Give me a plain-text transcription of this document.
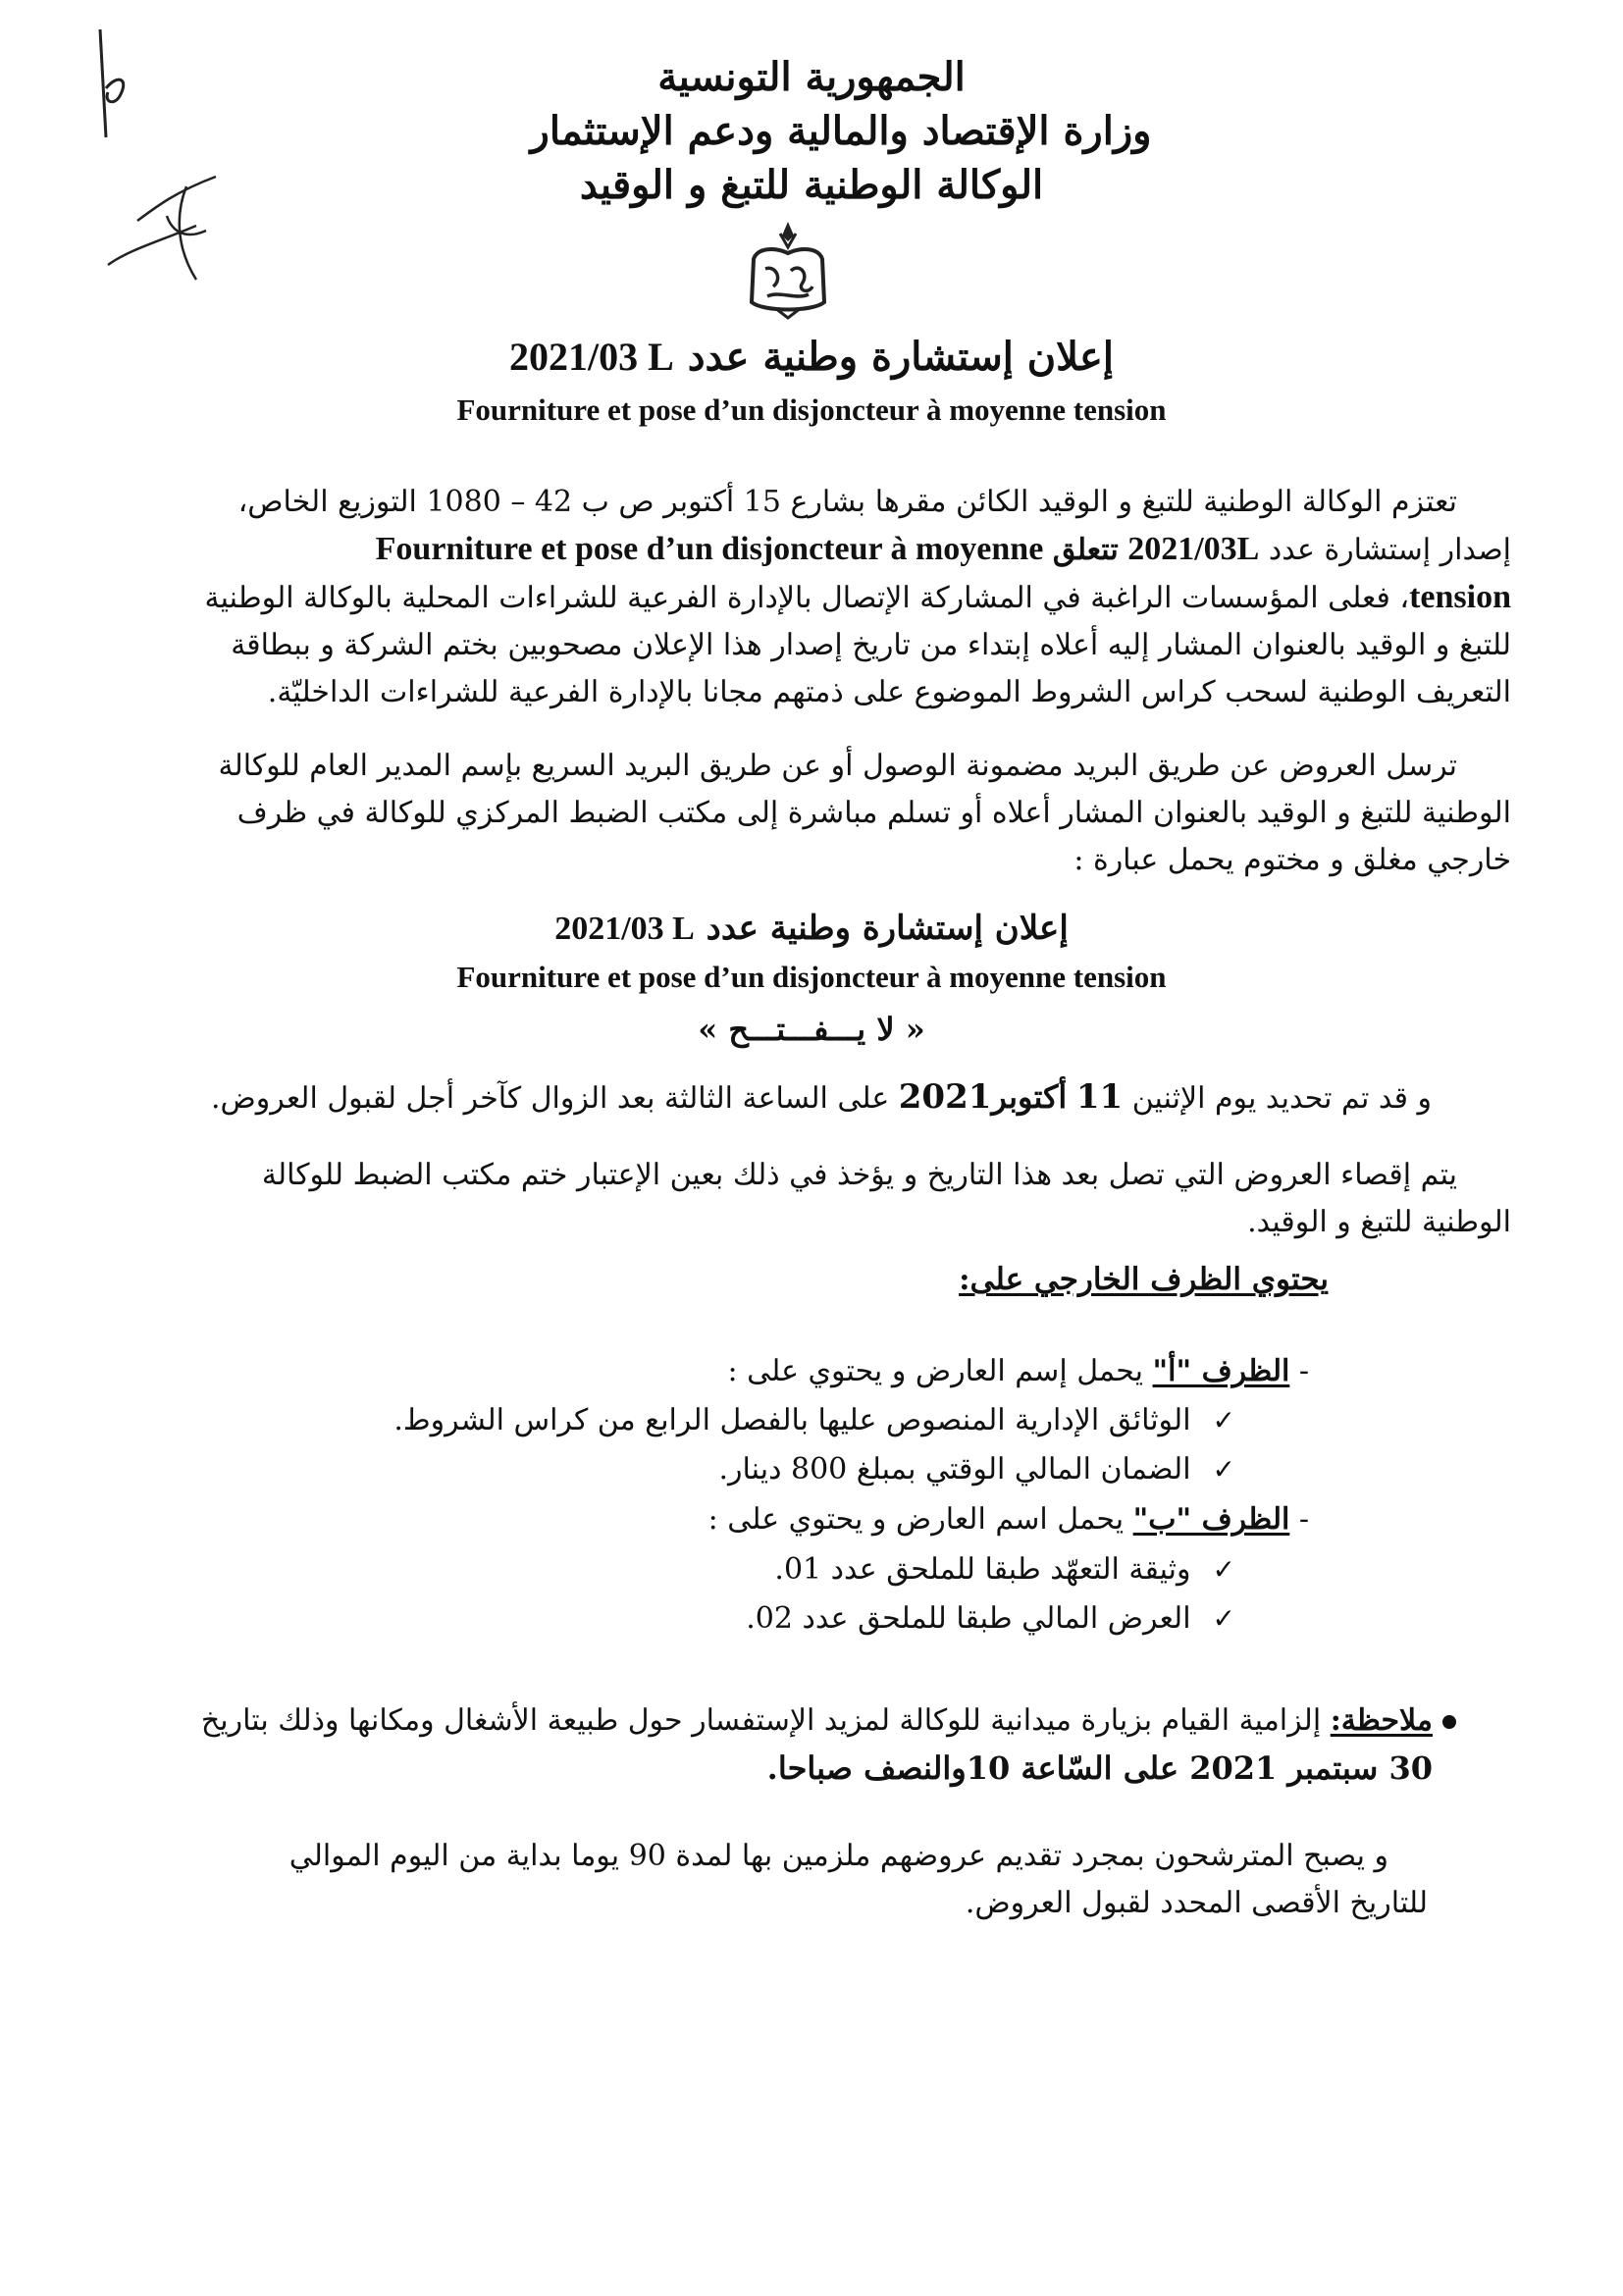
الجمهورية التونسية
وزارة الإقتصاد والمالية ودعم الإستثمار
الوكالة الوطنية للتبغ و الوقيد
إعلان إستشارة وطنية عدد 2021/03 L
Fourniture et pose d’un disjoncteur à moyenne tension
تعتزم الوكالة الوطنية للتبغ و الوقيد الكائن مقرها بشارع 15 أكتوبر ص ب 42 – 1080 التوزيع الخاص،
إصدار إستشارة عدد 2021/03L تتعلق Fourniture et pose d’un disjoncteur à moyenne
tension، فعلى المؤسسات الراغبة في المشاركة الإتصال بالإدارة الفرعية للشراءات المحلية بالوكالة الوطنية
للتبغ و الوقيد بالعنوان المشار إليه أعلاه إبتداء من تاريخ إصدار هذا الإعلان مصحوبين بختم الشركة و ببطاقة
التعريف الوطنية لسحب كراس الشروط الموضوع على ذمتهم مجانا بالإدارة الفرعية للشراءات الداخليّة.
ترسل العروض عن طريق البريد مضمونة الوصول أو عن طريق البريد السريع بإسم المدير العام للوكالة
الوطنية للتبغ و الوقيد بالعنوان المشار أعلاه أو تسلم مباشرة إلى مكتب الضبط المركزي للوكالة في ظرف
خارجي مغلق و مختوم يحمل عبارة :
إعلان إستشارة وطنية عدد 2021/03 L
Fourniture et pose d’un disjoncteur à moyenne tension
« لا يـــفـــتـــح »
و قد تم تحديد يوم الإثنين 11 أكتوبر2021 على الساعة الثالثة بعد الزوال كآخر أجل لقبول العروض.
يتم إقصاء العروض التي تصل بعد هذا التاريخ و يؤخذ في ذلك بعين الإعتبار ختم مكتب الضبط للوكالة
الوطنية للتبغ و الوقيد.
يحتوي الظرف الخارجي على:
- الظرف "أ" يحمل إسم العارض و يحتوي على :
✓الوثائق الإدارية المنصوص عليها بالفصل الرابع من كراس الشروط.
✓الضمان المالي الوقتي بمبلغ 800 دينار.
- الظرف "ب" يحمل اسم العارض و يحتوي على :
✓وثيقة التعهّد طبقا للملحق عدد 01.
✓العرض المالي طبقا للملحق عدد 02.
ملاحظة: إلزامية القيام بزيارة ميدانية للوكالة لمزيد الإستفسار حول طبيعة الأشغال ومكانها وذلك بتاريخ
30 سبتمبر 2021 على السّاعة 10والنصف صباحا.
و يصبح المترشحون بمجرد تقديم عروضهم ملزمين بها لمدة 90 يوما بداية من اليوم الموالي
للتاريخ الأقصى المحدد لقبول العروض.
